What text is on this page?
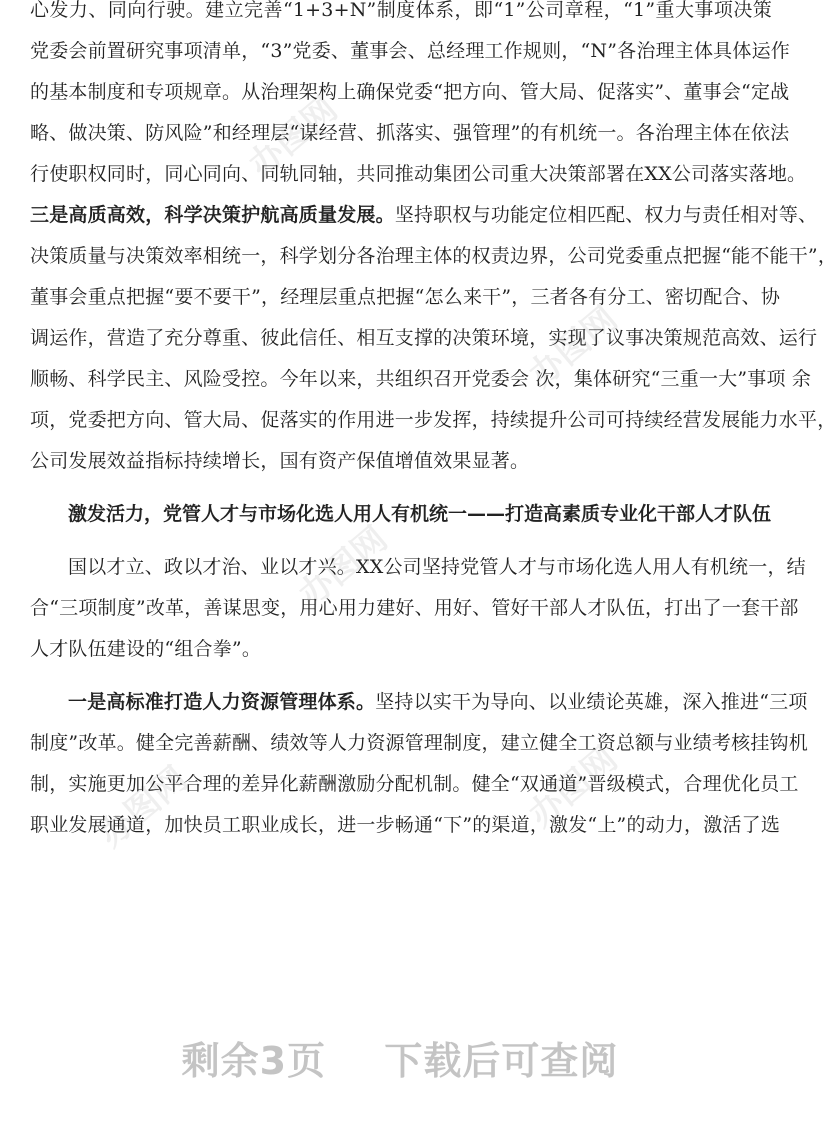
办图网
办图网
办图网
办图网
办图网
心发力、同向行驶。建立完善“1+3+N”制度体系，即“1”公司章程，“1”重大事项决策
党委会前置研究事项清单，“3”党委、董事会、总经理工作规则，“N”各治理主体具体运作
的基本制度和专项规章。从治理架构上确保党委“把方向、管大局、促落实”、董事会“定战
略、做决策、防风险”和经理层“谋经营、抓落实、强管理”的有机统一。各治理主体在依法
行使职权同时，同心同向、同轨同轴，共同推动集团公司重大决策部署在XX公司落实落地。
三是高质高效，科学决策护航高质量发展。坚持职权与功能定位相匹配、权力与责任相对等、
决策质量与决策效率相统一，科学划分各治理主体的权责边界，公司党委重点把握“能不能干”，
董事会重点把握“要不要干”，经理层重点把握“怎么来干”，三者各有分工、密切配合、协
调运作，营造了充分尊重、彼此信任、相互支撑的决策环境，实现了议事决策规范高效、运行
顺畅、科学民主、风险受控。今年以来，共组织召开党委会 次，集体研究“三重一大”事项 余
项，党委把方向、管大局、促落实的作用进一步发挥，持续提升公司可持续经营发展能力水平，
公司发展效益指标持续增长，国有资产保值增值效果显著。
激发活力，党管人才与市场化选人用人有机统一——打造高素质专业化干部人才队伍
国以才立、政以才治、业以才兴。XX公司坚持党管人才与市场化选人用人有机统一，结
合“三项制度”改革，善谋思变，用心用力建好、用好、管好干部人才队伍，打出了一套干部
人才队伍建设的“组合拳”。
一是高标准打造人力资源管理体系。坚持以实干为导向、以业绩论英雄，深入推进“三项
制度”改革。健全完善薪酬、绩效等人力资源管理制度，建立健全工资总额与业绩考核挂钩机
制，实施更加公平合理的差异化薪酬激励分配机制。健全“双通道”晋级模式，合理优化员工
职业发展通道，加快员工职业成长，进一步畅通“下”的渠道，激发“上”的动力，激活了选
剩余3页 下载后可查阅
